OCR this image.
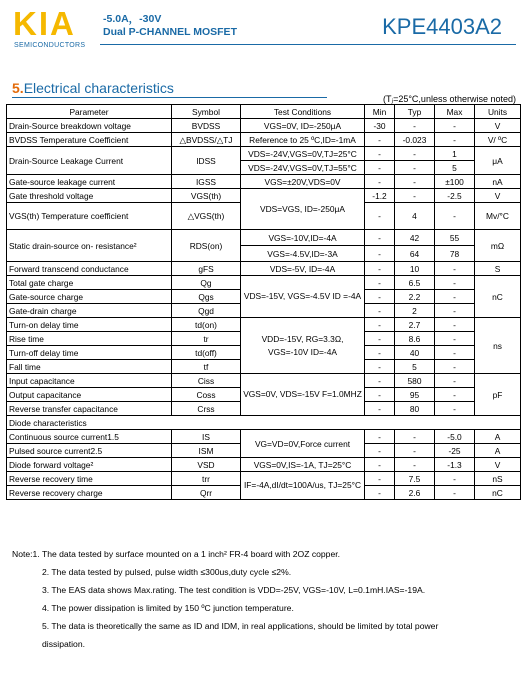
KIA
SEMICONDUCTORS
-5.0A，-30V
Dual P-CHANNEL MOSFET	KPE4403A2
5.Electrical characteristics
(Tⱼ=25°C,unless otherwise noted)
Parameter	Symbol	Test Conditions	Min	Typ	Max	Units
Drain-Source breakdown voltage	BVDSS	VGS=0V, ID=-250μA	-30	-	-	V
BVDSS Temperature Coefficient	△BVDSS/△TJ	Reference to 25 ºC,ID=-1mA	-	-0.023	-	V/ ºC
Drain-Source Leakage Current	IDSS	VDS=-24V,VGS=0V,TJ=25°C	-	-	1	μA
		VDS=-24V,VGS=0V,TJ=55°C	-	-	5	
Gate-source leakage current	IGSS	VGS=±20V,VDS=0V	-	-	±100	nA
Gate threshold voltage	VGS(th)	VDS=VGS, ID=-250μA	-1.2	-	-2.5	V
VGS(th) Temperature coefficient	△VGS(th)		-	4	-	Mv/°C
Static drain-source on- resistance²	RDS(on)	VGS=-10V,ID=-4A	-	42	55	mΩ
		VGS=-4.5V,ID=-3A	-	64	78	
Forward transcend conductance	gFS	VDS=-5V, ID=-4A	-	10	-	S
Total gate charge	Qg	VDS=-15V, VGS=-4.5V ID =-4A	-	6.5	-	nC
Gate-source charge	Qgs		-	2.2	-	
Gate-drain charge	Qgd		-	2	-	
Turn-on delay time	td(on)	VDD=-15V, RG=3.3Ω, VGS=-10V ID=-4A	-	2.7	-	ns
Rise time	tr		-	8.6	-	
Turn-off delay time	td(off)		-	40	-	
Fall time	tf		-	5	-	
Input capacitance	Ciss	VGS=0V, VDS=-15V F=1.0MHZ	-	580	-	pF
Output capacitance	Coss		-	95	-	
Reverse transfer capacitance	Crss		-	80	-	
Diode characteristics						
Continuous source current1.5	IS	VG=VD=0V,Force current	-	-	-5.0	A
Pulsed source current2.5	ISM		-	-	-25	A
Diode forward voltage²	VSD	VGS=0V,IS=-1A, TJ=25°C	-	-	-1.3	V
Reverse recovery time	trr	IF=-4A,dI/dt=100A/us, TJ=25°C	-	7.5	-	nS
Reverse recovery charge	Qrr		-	2.6	-	nC
Note:1. The data tested by surface mounted on a 1 inch² FR-4 board with 2OZ copper.
2. The data tested by pulsed, pulse width ≤300us,duty cycle ≤2%.
3. The EAS data shows Max.rating. The test condition is VDD=-25V, VGS=-10V, L=0.1mH.IAS=-19A.
4. The power dissipation is limited by 150 ºC junction temperature.
5. The data is theoretically the same as ID and IDM, in real applications, should be limited by total power
dissipation.
